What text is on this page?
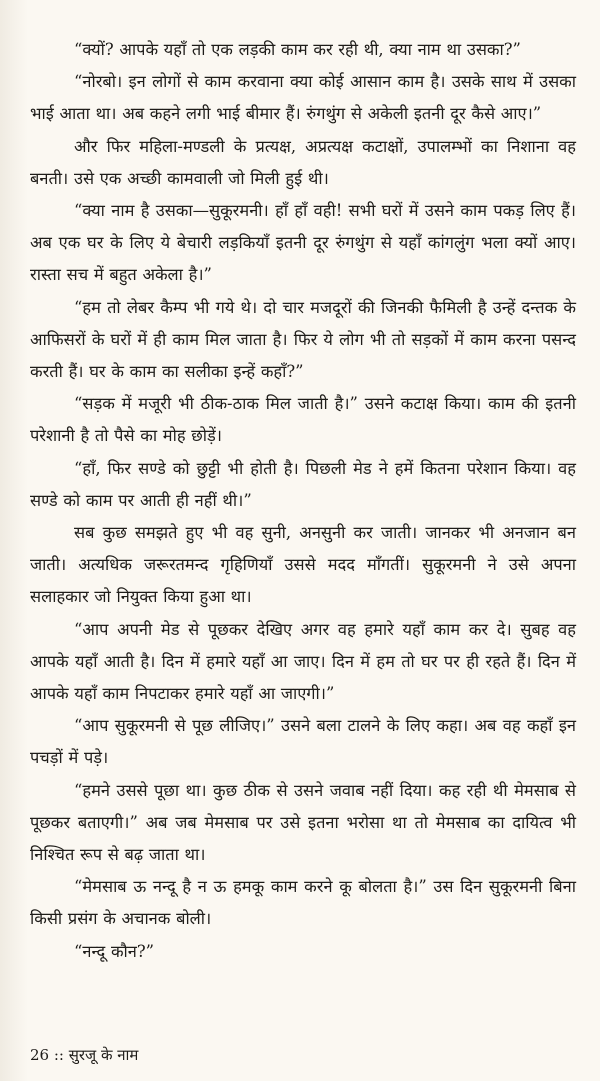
“क्यों? आपके यहाँ तो एक लड़की काम कर रही थी, क्या नाम था उसका?”

“नोरबो। इन लोगों से काम करवाना क्या कोई आसान काम है। उसके साथ में उसका भाई आता था। अब कहने लगी भाई बीमार हैं। रुंगथुंग से अकेली इतनी दूर कैसे आए।”

और फिर महिला-मण्डली के प्रत्यक्ष, अप्रत्यक्ष कटाक्षों, उपालम्भों का निशाना वह बनती। उसे एक अच्छी कामवाली जो मिली हुई थी।

“क्या नाम है उसका—सुकूरमनी। हाँ हाँ वही! सभी घरों में उसने काम पकड़ लिए हैं। अब एक घर के लिए ये बेचारी लड़कियाँ इतनी दूर रुंगथुंग से यहाँ कांगलुंग भला क्यों आए। रास्ता सच में बहुत अकेला है।”

“हम तो लेबर कैम्प भी गये थे। दो चार मजदूरों की जिनकी फैमिली है उन्हें दन्तक के आफिसरों के घरों में ही काम मिल जाता है। फिर ये लोग भी तो सड़कों में काम करना पसन्द करती हैं। घर के काम का सलीका इन्हें कहाँ?”

“सड़क में मजूरी भी ठीक-ठाक मिल जाती है।” उसने कटाक्ष किया। काम की इतनी परेशानी है तो पैसे का मोह छोड़ें।

“हाँ, फिर सण्डे को छुट्टी भी होती है। पिछली मेड ने हमें कितना परेशान किया। वह सण्डे को काम पर आती ही नहीं थी।”

सब कुछ समझते हुए भी वह सुनी, अनसुनी कर जाती। जानकर भी अनजान बन जाती। अत्यधिक जरूरतमन्द गृहिणियाँ उससे मदद माँगतीं। सुकूरमनी ने उसे अपना सलाहकार जो नियुक्त किया हुआ था।

“आप अपनी मेड से पूछकर देखिए अगर वह हमारे यहाँ काम कर दे। सुबह वह आपके यहाँ आती है। दिन में हमारे यहाँ आ जाए। दिन में हम तो घर पर ही रहते हैं। दिन में आपके यहाँ काम निपटाकर हमारे यहाँ आ जाएगी।”

“आप सुकूरमनी से पूछ लीजिए।” उसने बला टालने के लिए कहा। अब वह कहाँ इन पचड़ों में पड़े।

“हमने उससे पूछा था। कुछ ठीक से उसने जवाब नहीं दिया। कह रही थी मेमसाब से पूछकर बताएगी।” अब जब मेमसाब पर उसे इतना भरोसा था तो मेमसाब का दायित्व भी निश्चित रूप से बढ़ जाता था।

“मेमसाब ऊ नन्दू है न ऊ हमकू काम करने कू बोलता है।” उस दिन सुकूरमनी बिना किसी प्रसंग के अचानक बोली।

“नन्दू कौन?”

26 :: सुरजू के नाम
